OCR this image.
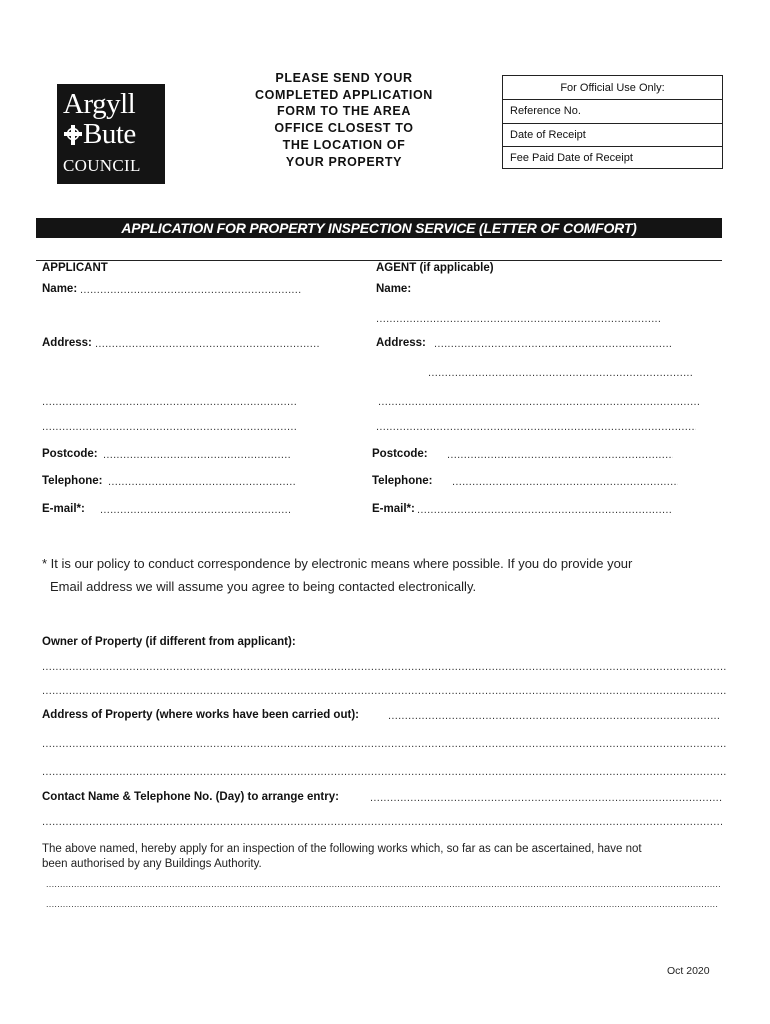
Argyll
Bute
COUNCIL
PLEASE SEND YOUR
COMPLETED APPLICATION
FORM TO THE AREA
OFFICE CLOSEST TO
THE LOCATION OF
YOUR PROPERTY
For Official Use Only:
Reference No.
Date of Receipt
Fee Paid Date of Receipt
APPLICATION FOR PROPERTY INSPECTION SERVICE (LETTER OF COMFORT)
APPLICANT
Name:
.....
Address:
.....
.....
.....
Postcode:
.....
Telephone:
.....
E-mail*:
.....
AGENT (if applicable)
Name:
.....
Address:
.....
.....
.....
.....
Postcode:
.....
Telephone:
.....
E-mail*:
.....
* It is our policy to conduct correspondence by electronic means where possible. If you do provide your
Email address we will assume you agree to being contacted electronically.
Owner of Property (if different from applicant):
.....
.....
Address of Property (where works have been carried out):
.....
.....
.....
Contact Name & Telephone No. (Day) to arrange entry:
.....
.....
The above named, hereby apply for an inspection of the following works which, so far as can be ascertained, have not
been authorised by any Buildings Authority.
.....
.....
Oct 2020
